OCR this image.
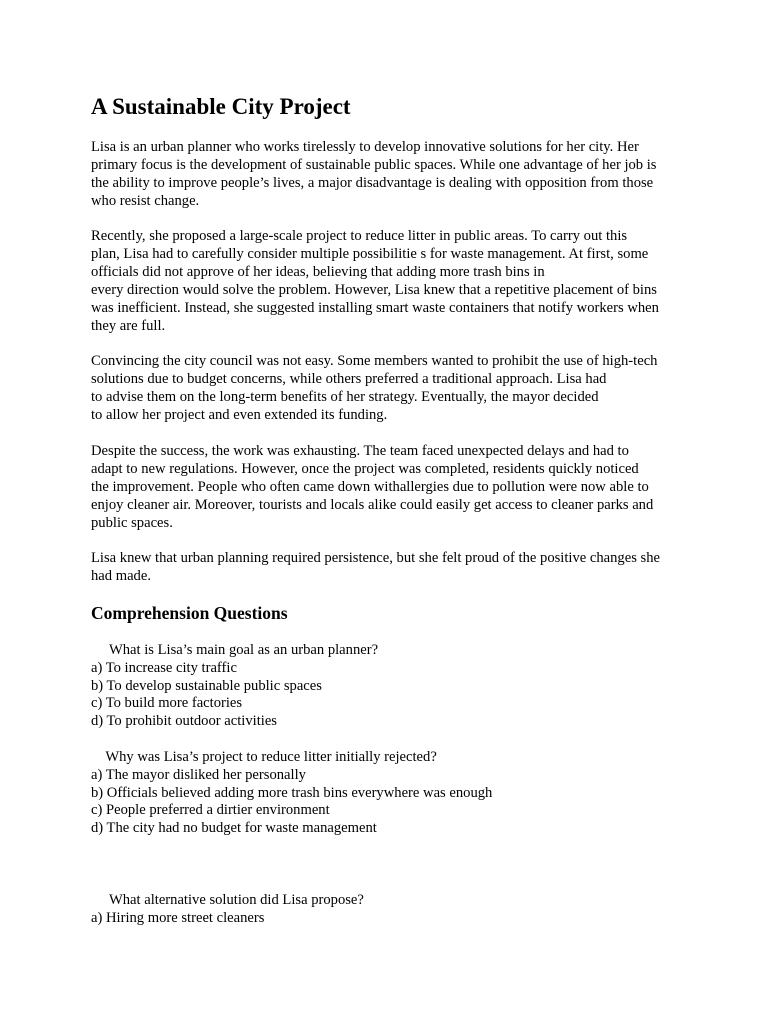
A Sustainable City Project
Lisa is an urban planner who works tirelessly to develop innovative solutions for her city. Her
primary focus is the development of sustainable public spaces. While one advantage of her job is
the ability to improve people’s lives, a major disadvantage is dealing with opposition from those
who resist change.
Recently, she proposed a large-scale project to reduce litter in public areas. To carry out this
plan, Lisa had to carefully consider multiple possibilitie s for waste management. At first, some
officials did not approve of her ideas, believing that adding more trash bins in
every direction would solve the problem. However, Lisa knew that a repetitive placement of bins
was inefficient. Instead, she suggested installing smart waste containers that notify workers when
they are full.
Convincing the city council was not easy. Some members wanted to prohibit the use of high-tech
solutions due to budget concerns, while others preferred a traditional approach. Lisa had
to advise them on the long-term benefits of her strategy. Eventually, the mayor decided
to allow her project and even extended its funding.
Despite the success, the work was exhausting. The team faced unexpected delays and had to
adapt to new regulations. However, once the project was completed, residents quickly noticed
the improvement. People who often came down withallergies due to pollution were now able to
enjoy cleaner air. Moreover, tourists and locals alike could easily get access to cleaner parks and
public spaces.
Lisa knew that urban planning required persistence, but she felt proud of the positive changes she
had made.
Comprehension Questions
What is Lisa’s main goal as an urban planner?
a) To increase city traffic
b) To develop sustainable public spaces
c) To build more factories
d) To prohibit outdoor activities
Why was Lisa’s project to reduce litter initially rejected?
a) The mayor disliked her personally
b) Officials believed adding more trash bins everywhere was enough
c) People preferred a dirtier environment
d) The city had no budget for waste management
What alternative solution did Lisa propose?
a) Hiring more street cleaners
